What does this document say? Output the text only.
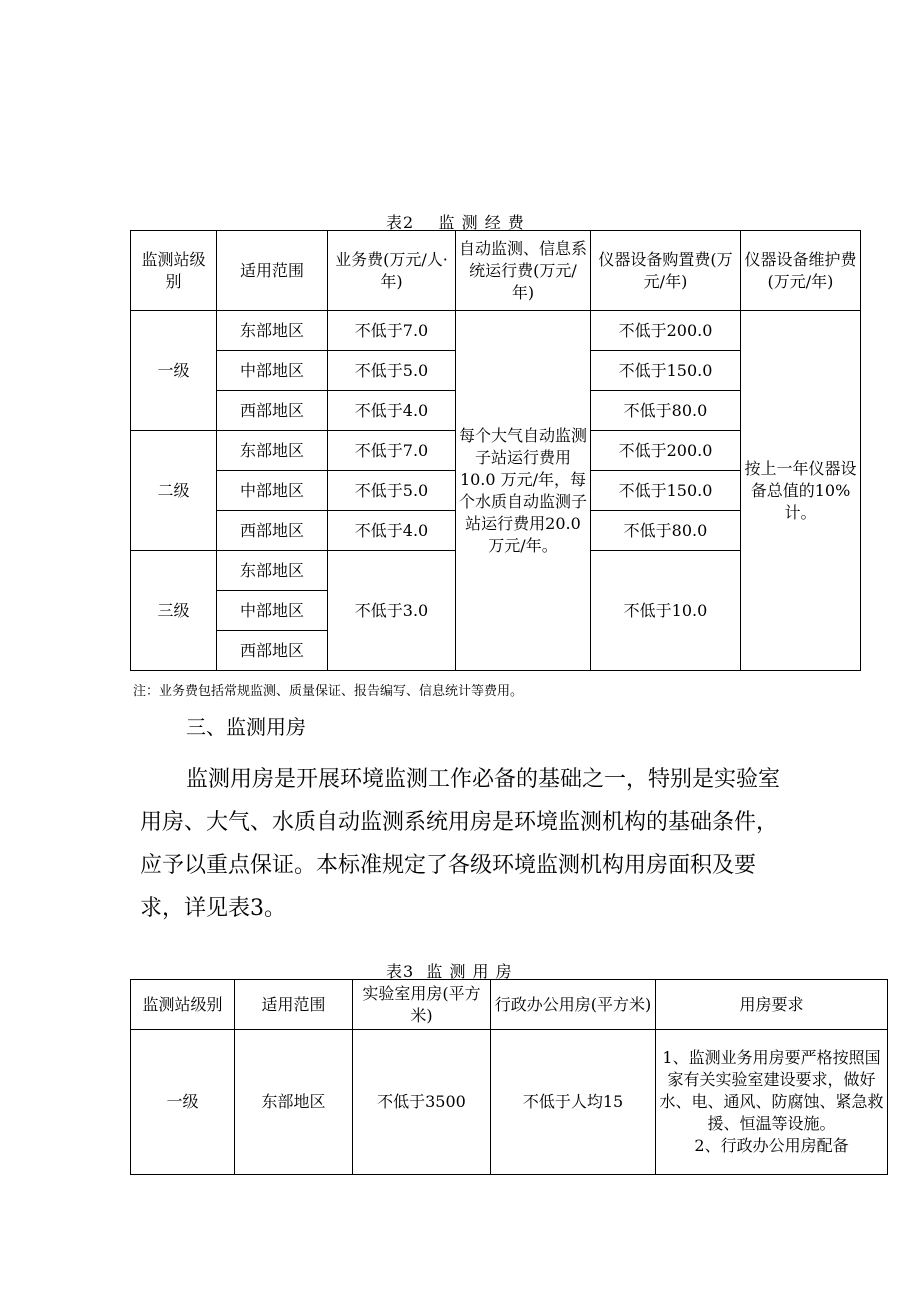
表2    监 测 经 费
监测站级 别	适用范围	业务费(万元/人·年)	自动监测、信息系统运行费(万元/年)	仪器设备购置费(万元/年)	仪器设备维护费(万元/年)
一级	东部地区	不低于7.0	每个大气自动监测子站运行费用10.0 万元/年，每个水质自动监测子站运行费用20.0万元/年。	不低于200.0	按上一年仪器设备总值的10%计。
	中部地区	不低于5.0		不低于150.0	
	西部地区	不低于4.0		不低于80.0	
二级	东部地区	不低于7.0		不低于200.0	
	中部地区	不低于5.0		不低于150.0	
	西部地区	不低于4.0		不低于80.0	
三级	东部地区	不低于3.0		不低于10.0	
	中部地区				
	西部地区				
注：业务费包括常规监测、质量保证、报告编写、信息统计等费用。
三、监测用房
监测用房是开展环境监测工作必备的基础之一，特别是实验室用房、大气、水质自动监测系统用房是环境监测机构的基础条件，应予以重点保证。本标准规定了各级环境监测机构用房面积及要求，详见表3。
表3  监 测 用 房
监测站级别	适用范围	实验室用房(平方米)	行政办公用房(平方米)	用房要求
一级	东部地区	不低于3500	不低于人均15	1、监测业务用房要严格按照国家有关实验室建设要求，做好水、电、通风、防腐蚀、紧急救援、恒温等设施。
2、行政办公用房配备
